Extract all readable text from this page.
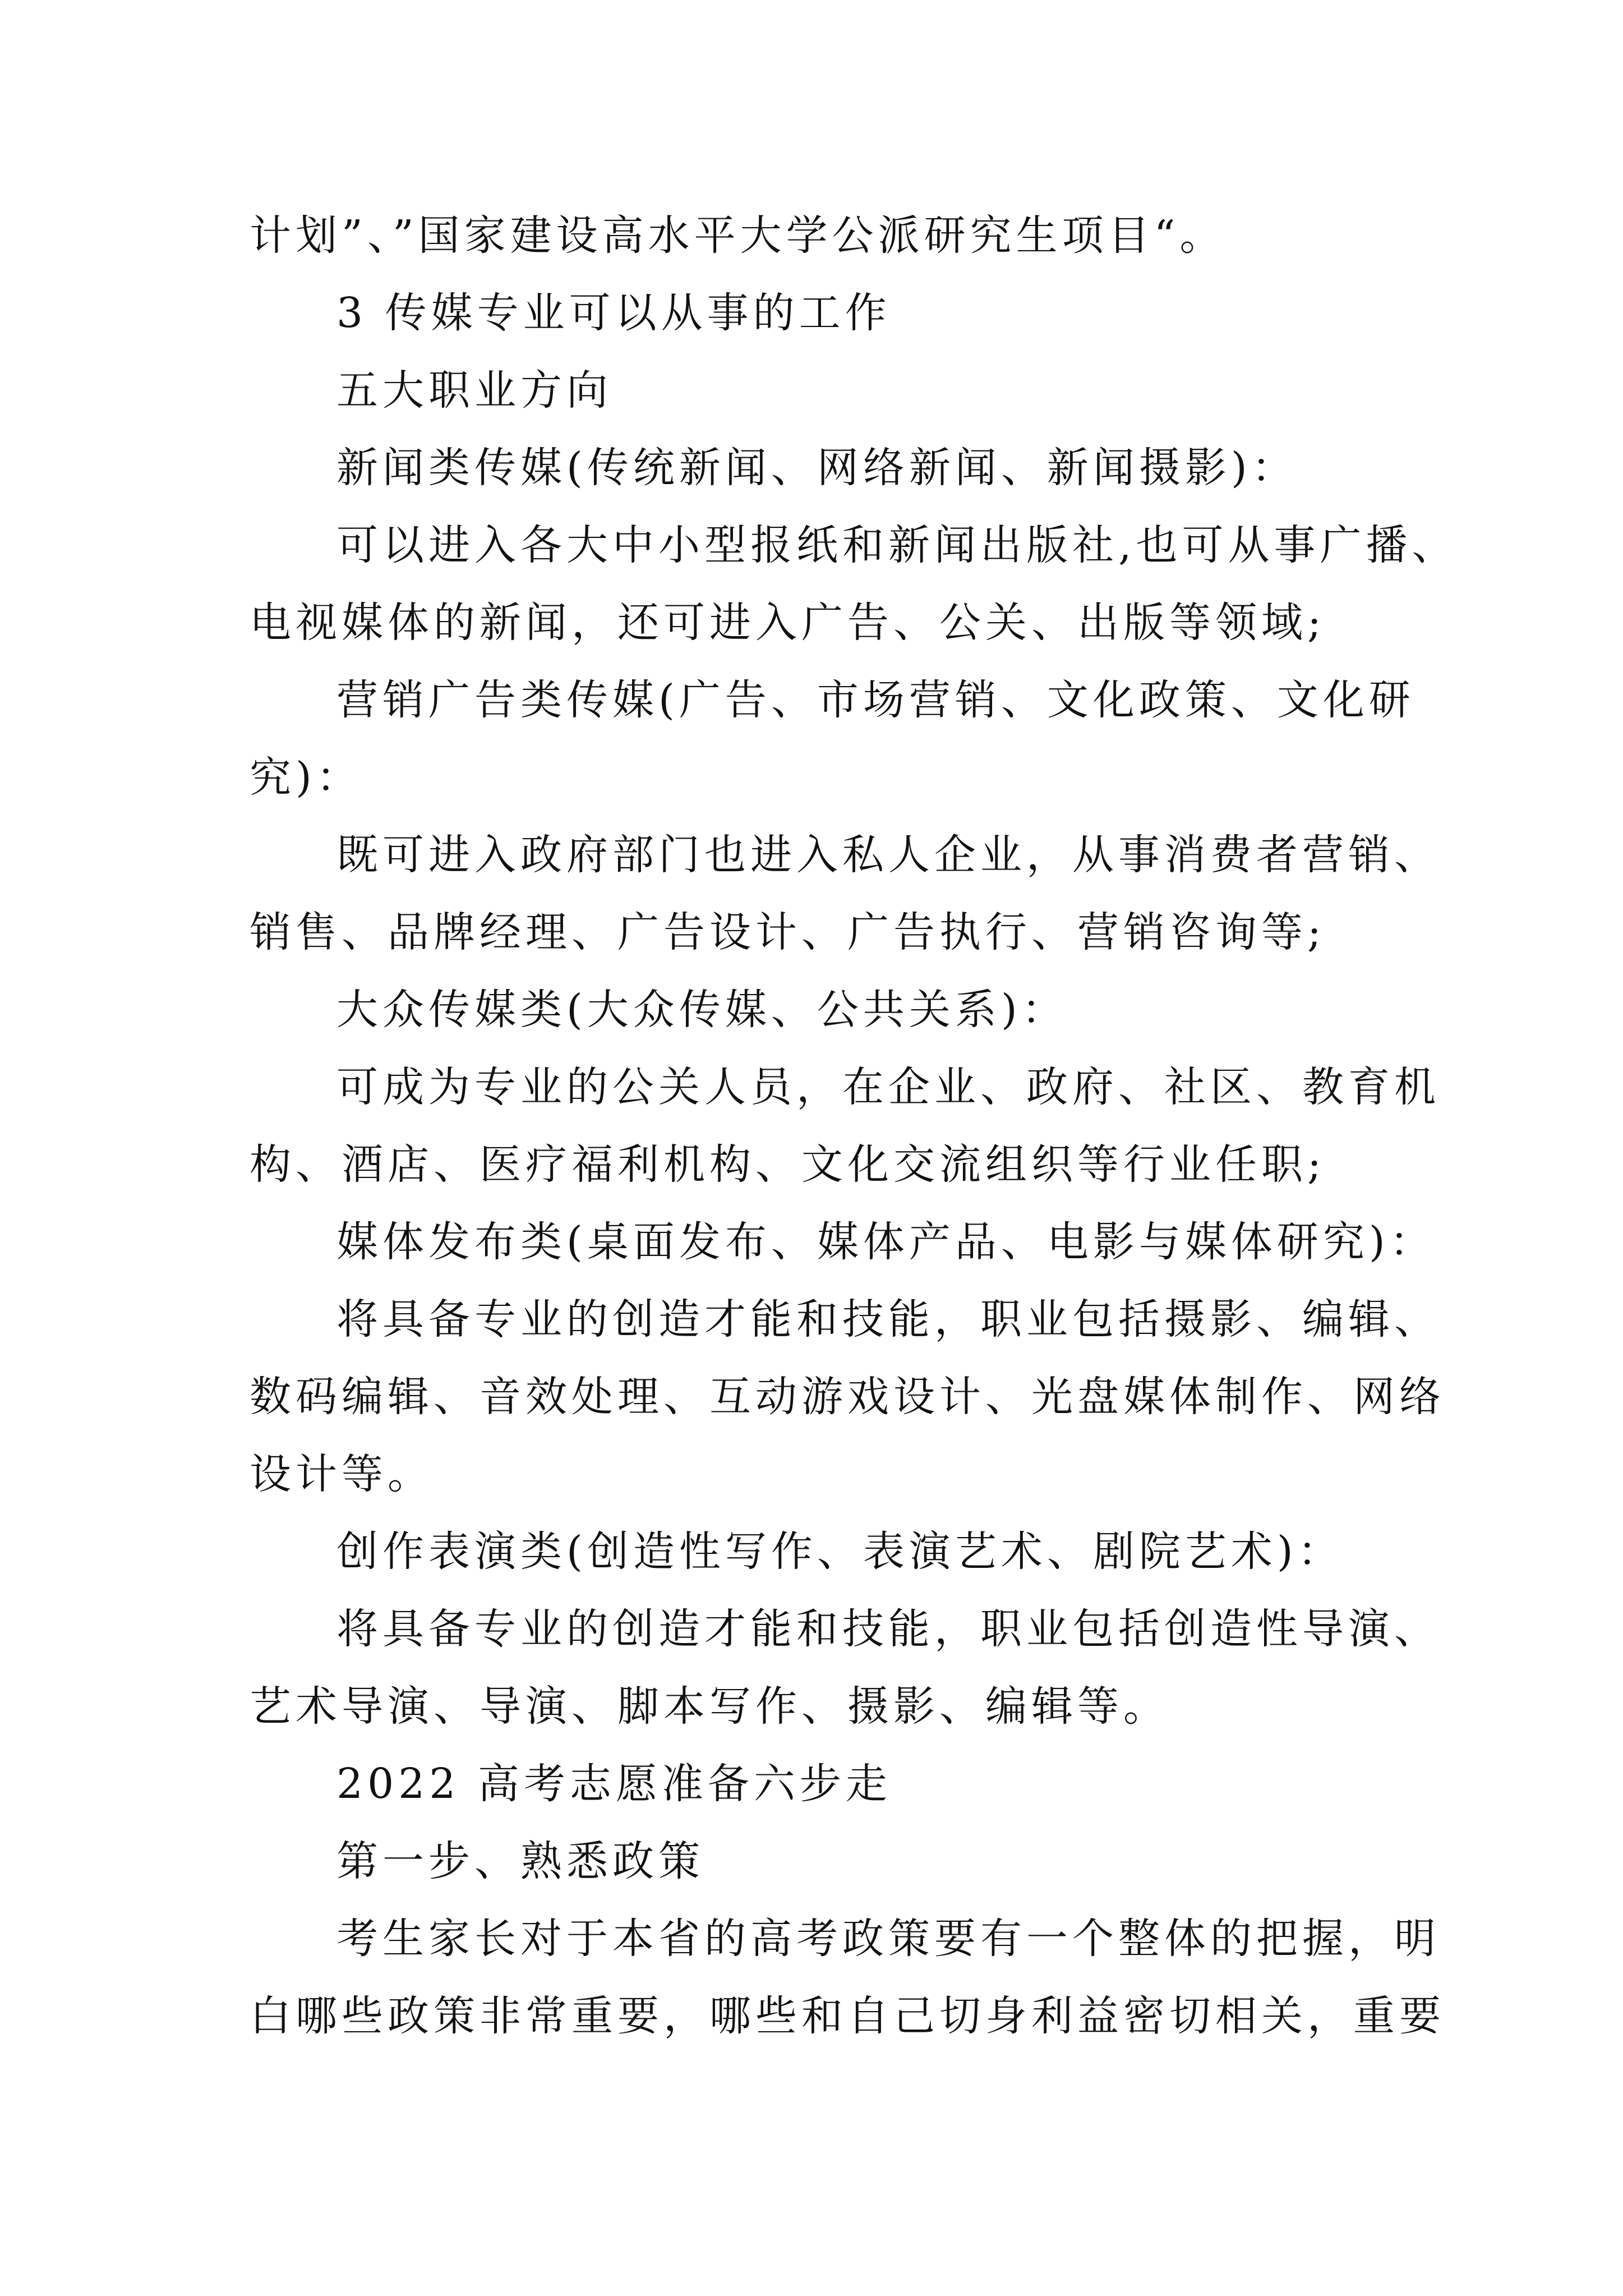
计划”、”国家建设高水平大学公派研究生项目“。
3 传媒专业可以从事的工作
五大职业方向
新闻类传媒(传统新闻、网络新闻、新闻摄影)：
可以进入各大中小型报纸和新闻出版社,也可从事广播、
电视媒体的新闻，还可进入广告、公关、出版等领域;
营销广告类传媒(广告、市场营销、文化政策、文化研
究)：
既可进入政府部门也进入私人企业，从事消费者营销、
销售、品牌经理、广告设计、广告执行、营销咨询等;
大众传媒类(大众传媒、公共关系)：
可成为专业的公关人员，在企业、政府、社区、教育机
构、酒店、医疗福利机构、文化交流组织等行业任职;
媒体发布类(桌面发布、媒体产品、电影与媒体研究)：
将具备专业的创造才能和技能，职业包括摄影、编辑、
数码编辑、音效处理、互动游戏设计、光盘媒体制作、网络
设计等。
创作表演类(创造性写作、表演艺术、剧院艺术)：
将具备专业的创造才能和技能，职业包括创造性导演、
艺术导演、导演、脚本写作、摄影、编辑等。
2022 高考志愿准备六步走
第一步、熟悉政策
考生家长对于本省的高考政策要有一个整体的把握，明
白哪些政策非常重要，哪些和自己切身利益密切相关，重要
